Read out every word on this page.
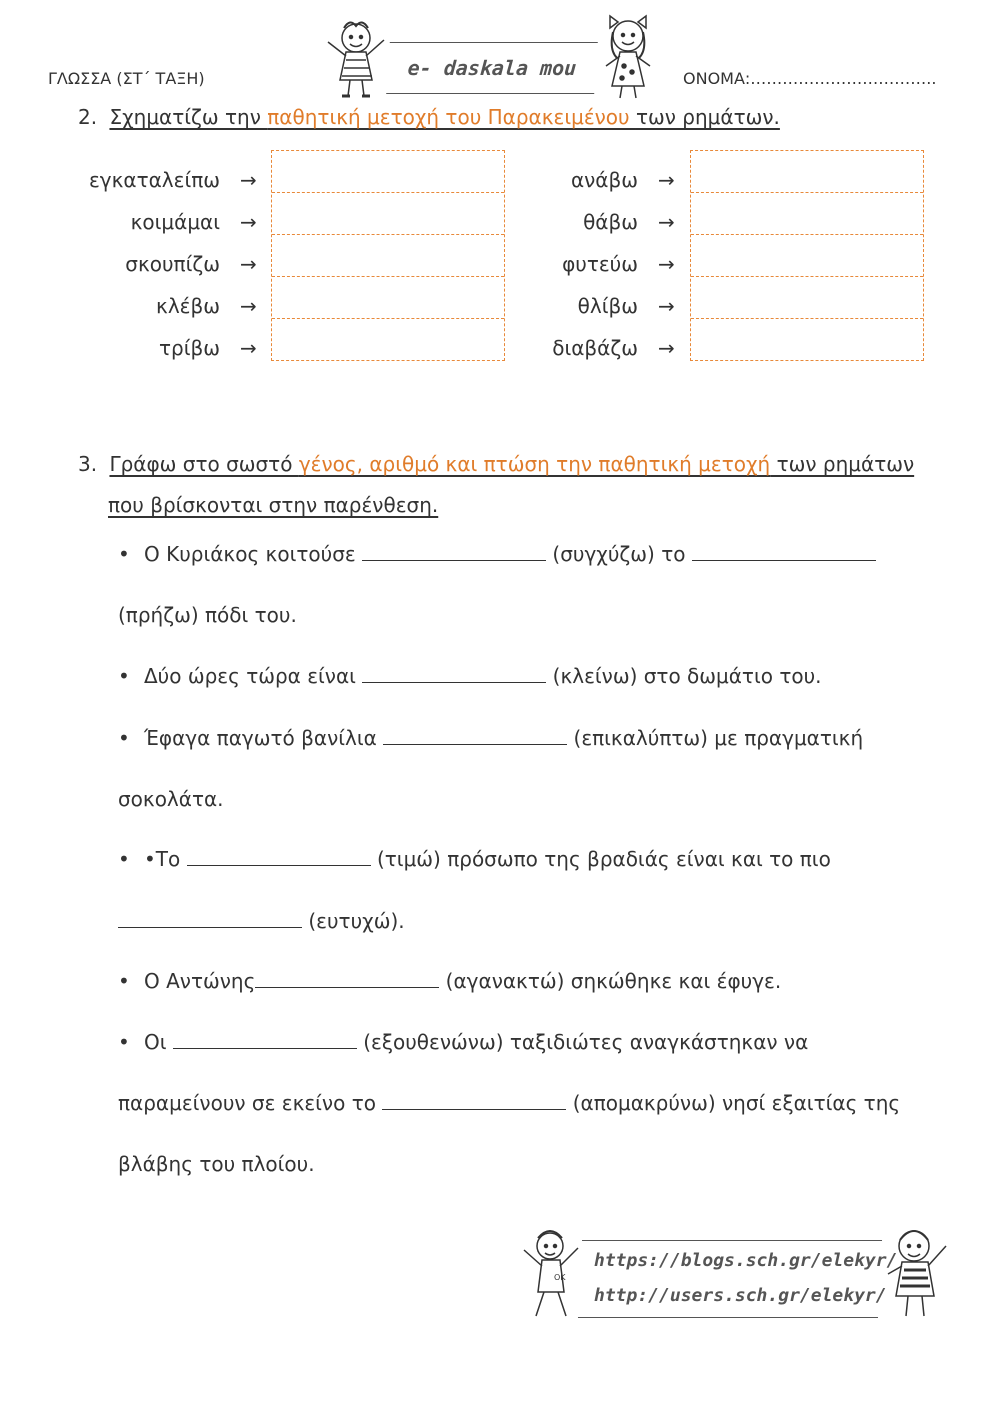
ΓΛΩΣΣΑ (ΣΤ΄ ΤΑΞΗ)	e- daskala mou	ΟΝΟΜΑ:……………………………..
2. Σχηματίζω την παθητική μετοχή του Παρακειμένου των ρημάτων.
εγκαταλείπω →
κοιμάμαι →
σκουπίζω →
κλέβω →
τρίβω →
ανάβω →
θάβω →
φυτεύω →
θλίβω →
διαβάζω →
3. Γράφω στο σωστό γένος, αριθμό και πτώση την παθητική μετοχή των ρημάτων
που βρίσκονται στην παρένθεση.
• Ο Κυριάκος κοιτούσε	(συγχύζω) το
(πρήζω) πόδι του.
• Δύο ώρες τώρα είναι	(κλείνω) στο δωμάτιο του.
• Έφαγα παγωτό βανίλια	(επικαλύπτω) με πραγματική
σοκολάτα.
• •Το	(τιμώ) πρόσωπο της βραδιάς είναι και το πιο
(ευτυχώ).
• Ο Αντώνης	(αγανακτώ) σηκώθηκε και έφυγε.
• Οι	(εξουθενώνω) ταξιδιώτες αναγκάστηκαν να
παραμείνουν σε εκείνο το	(απομακρύνω) νησί εξαιτίας της
βλάβης του πλοίου.
OK
https://blogs.sch.gr/elekyr/
http://users.sch.gr/elekyr/
